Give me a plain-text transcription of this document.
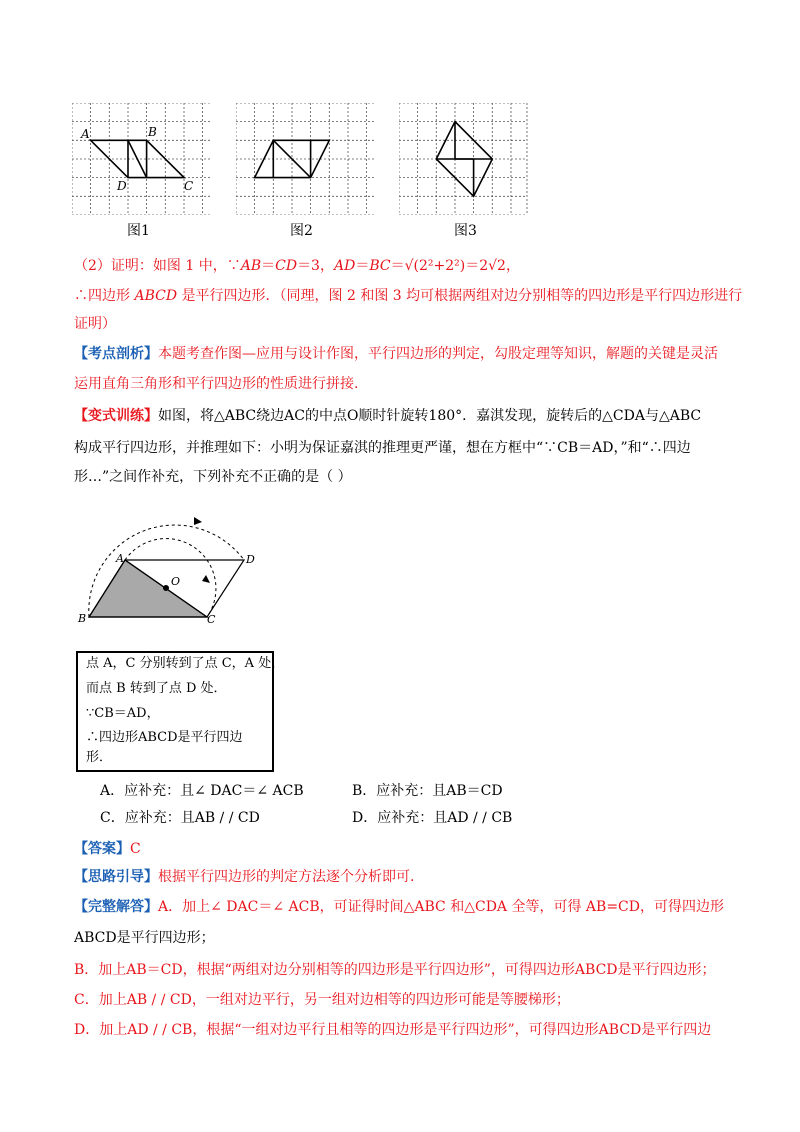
A	B
C
D
图1	图2	图3
（2）证明：如图 1 中，∵AB＝CD＝3，AD＝BC＝√(2²+2²)＝2√2，
∴四边形 ABCD 是平行四边形．（同理，图 2 和图 3 均可根据两组对边分别相等的四边形是平行四边形进行
证明）
【考点剖析】本题考查作图—应用与设计作图，平行四边形的判定，勾股定理等知识，解题的关键是灵活
运用直角三角形和平行四边形的性质进行拼接.
【变式训练】如图，将△ABC绕边AC的中点O顺时针旋转180°．嘉淇发现，旋转后的△CDA与△ABC
构成平行四边形，并推理如下：小明为保证嘉淇的推理更严谨，想在方框中“∵CB＝AD，”和“∴四边
形…”之间作补充，下列补充不正确的是（ ）
A
B	C
D
O
点 A，C 分别转到了点 C，A 处，
而点 B 转到了点 D 处．
∵CB＝AD，
∴四边形ABCD是平行四边
形．
A．应补充：且∠ DAC＝∠ ACB	B．应补充：且AB＝CD
C．应补充：且AB ∕ ∕ CD	D．应补充：且AD ∕ ∕ CB
【答案】C
【思路引导】根据平行四边形的判定方法逐个分析即可.
【完整解答】A．加上∠ DAC＝∠ ACB，可证得时间△ABC 和△CDA 全等，可得 AB=CD，可得四边形
ABCD是平行四边形；
B．加上AB＝CD，根据“两组对边分别相等的四边形是平行四边形”，可得四边形ABCD是平行四边形；
C．加上AB ∕ ∕ CD，一组对边平行，另一组对边相等的四边形可能是等腰梯形；
D．加上AD ∕ ∕ CB，根据“一组对边平行且相等的四边形是平行四边形”，可得四边形ABCD是平行四边
